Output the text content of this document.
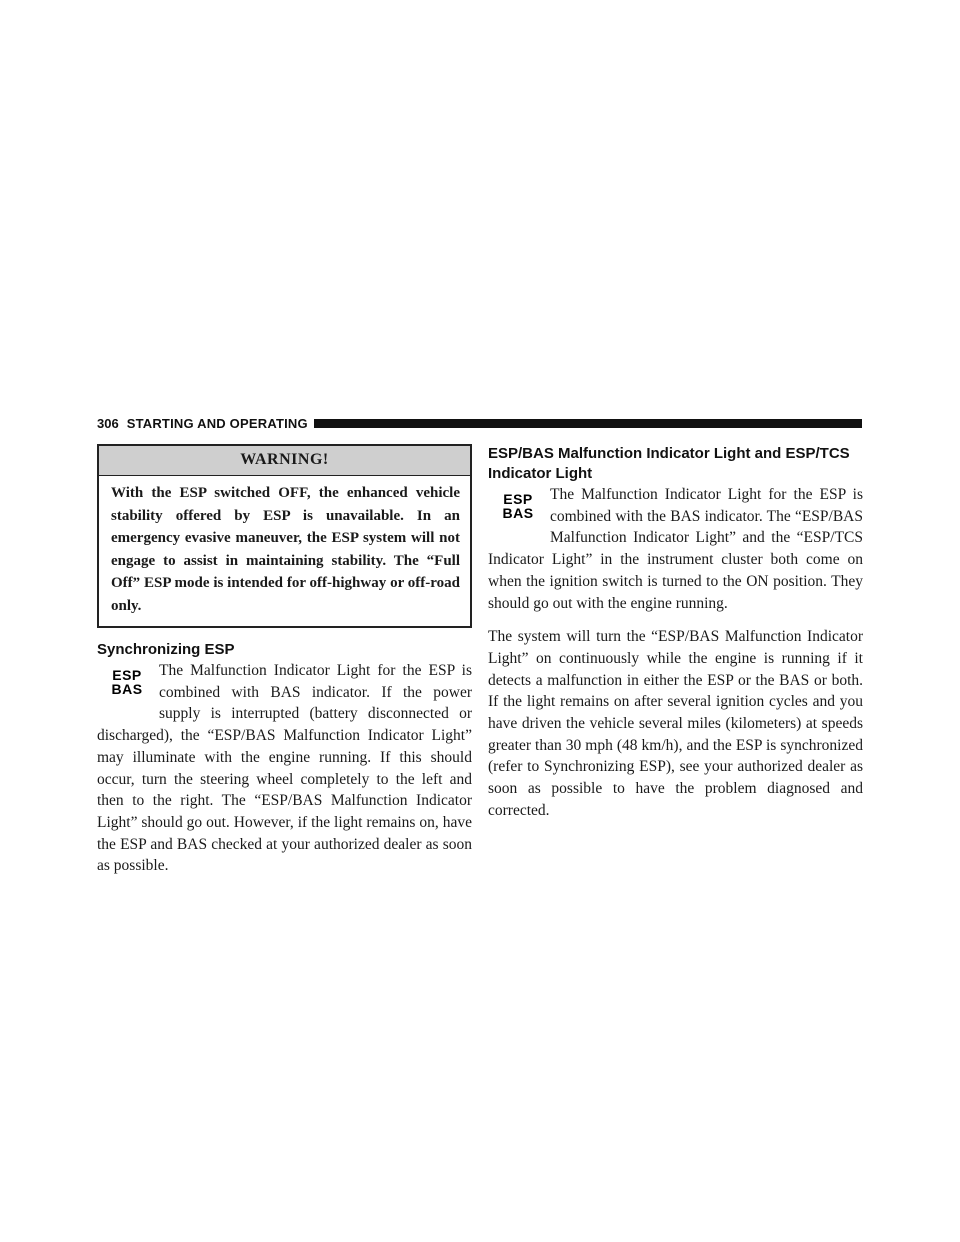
306 STARTING AND OPERATING
WARNING!
With the ESP switched OFF, the enhanced vehicle stability offered by ESP is unavailable. In an emergency evasive maneuver, the ESP system will not engage to assist in maintaining stability. The “Full Off” ESP mode is intended for off-highway or off-road only.
Synchronizing ESP
ESP
BAS

The Malfunction Indicator Light for the ESP is combined with BAS indicator. If the power supply is interrupted (battery disconnected or discharged), the “ESP/BAS Malfunction Indicator Light” may illuminate with the engine running. If this should occur, turn the steering wheel completely to the left and then to the right. The “ESP/BAS Malfunction Indicator Light” should go out. However, if the light remains on, have the ESP and BAS checked at your authorized dealer as soon as possible.

ESP/BAS Malfunction Indicator Light and ESP/TCS Indicator Light
ESP
BAS

The Malfunction Indicator Light for the ESP is combined with the BAS indicator. The “ESP/BAS Malfunction Indicator Light” and the “ESP/TCS Indicator Light” in the instrument cluster both come on when the ignition switch is turned to the ON position. They should go out with the engine running.

The system will turn the “ESP/BAS Malfunction Indicator Light” on continuously while the engine is running if it detects a malfunction in either the ESP or the BAS or both. If the light remains on after several ignition cycles and you have driven the vehicle several miles (kilometers) at speeds greater than 30 mph (48 km/h), and the ESP is synchronized (refer to Synchronizing ESP), see your authorized dealer as soon as possible to have the problem diagnosed and corrected.
